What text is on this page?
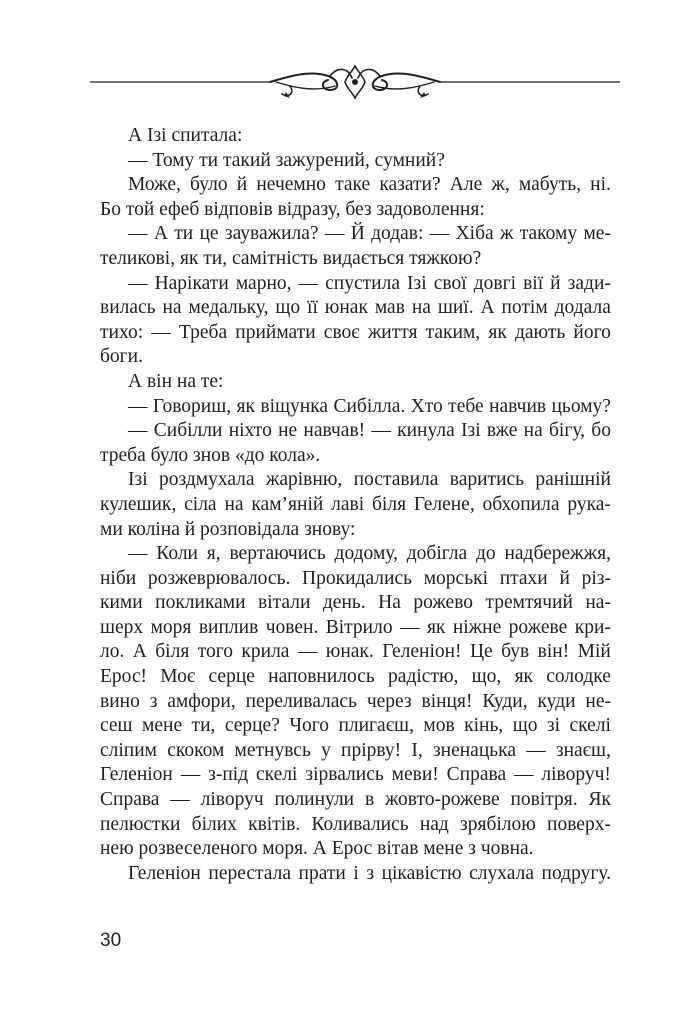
А Ізі спитала:
— Тому ти такий зажурений, сумний?
Може, було й нечемно таке казати? Але ж, мабуть, ні.
Бо той ефеб відповів відразу, без задоволення:
— А ти це зауважила? — Й додав: — Хіба ж такому ме-
теликові, як ти, самітність видається тяжкою?
— Нарікати марно, — спустила Ізі свої довгі вії й зади-
вилась на медальку, що її юнак мав на шиї. А потім додала
тихо: — Треба приймати своє життя таким, як дають його
боги.
А він на те:
— Говориш, як віщунка Сибілла. Хто тебе навчив цьому?
— Сибілли ніхто не навчав! — кинула Ізі вже на бігу, бо
треба було знов «до кола».
Ізі роздмухала жарівню, поставила варитись ранішній
кулешик, сіла на кам’яній лаві біля Гелене, обхопила рука-
ми коліна й розповідала знову:
— Коли я, вертаючись додому, добігла до надбережжя,
ніби розжеврювалось. Прокидались морські птахи й різ-
кими покликами вітали день. На рожево тремтячий на-
шерх моря виплив човен. Вітрило — як ніжне рожеве кри-
ло. А біля того крила — юнак. Геленіон! Це був він! Мій
Ерос! Моє серце наповнилось радістю, що, як солодке
вино з амфори, переливалась через вінця! Куди, куди не-
сеш мене ти, серце? Чого плигаєш, мов кінь, що зі скелі
сліпим скоком метнувсь у прірву! І, зненацька — знаєш,
Геленіон — з-під скелі зірвались меви! Справа — ліворуч!
Справа — ліворуч полинули в жовто-рожеве повітря. Як
пелюстки білих квітів. Коливались над зрябілою поверх-
нею розвеселеного моря. А Ерос вітав мене з човна.
Геленіон перестала прати і з цікавістю слухала подругу.
30
